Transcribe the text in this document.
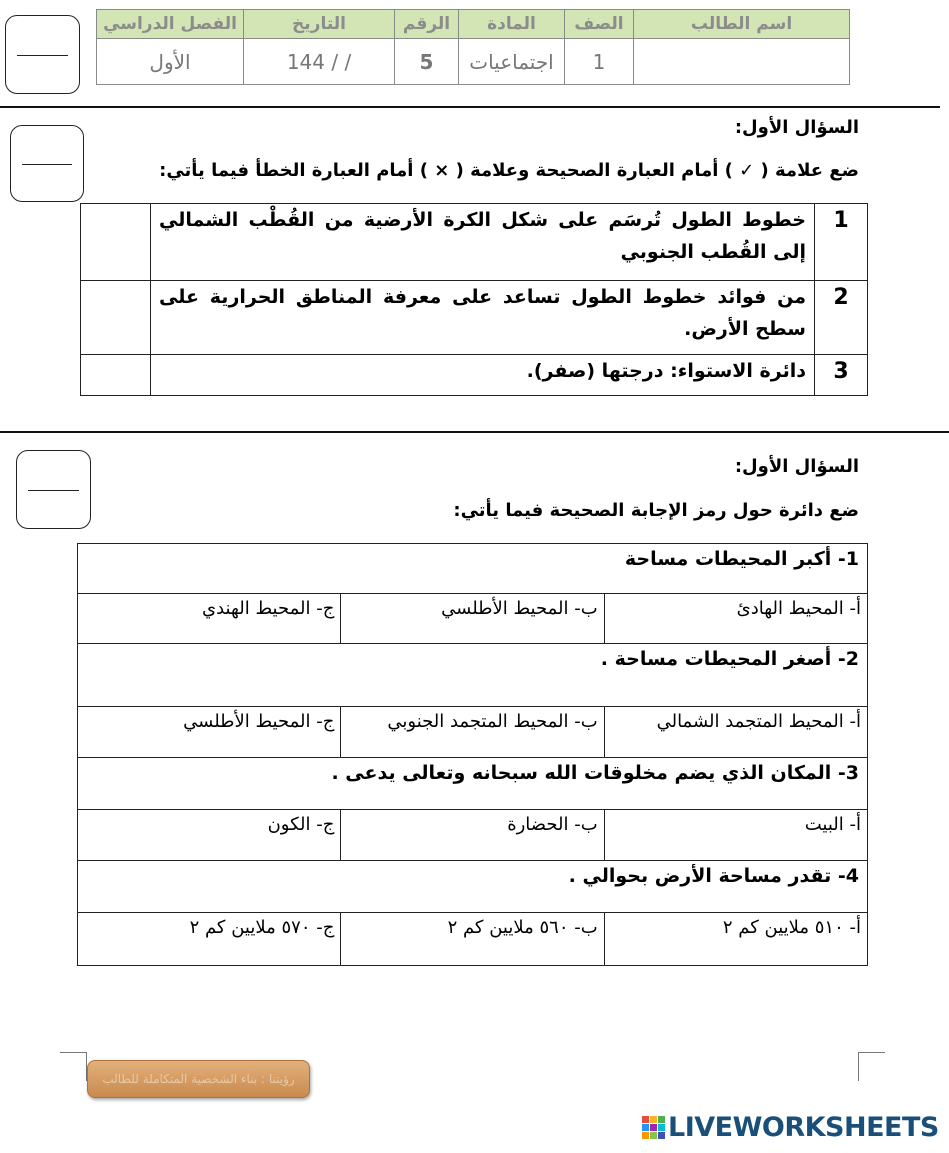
اسم الطالب	الصف	المادة	الرقم	التاريخ	الفصل الدراسي
	1	اجتماعيات	5	144 / /	الأول
السؤال الأول:
ضع علامة ( ✓ ) أمام العبارة الصحيحة وعلامة ( × ) أمام العبارة الخطأ فيما يأتي:
1	خطوط الطول تُرسَم على شكل الكرة الأرضية من القُطْب الشمالي إلى القُطب الجنوبي	
2	من فوائد خطوط الطول تساعد على معرفة المناطق الحرارية على سطح الأرض.	
3	دائرة الاستواء: درجتها (صفر).	
السؤال الأول:
ضع دائرة حول رمز الإجابة الصحيحة فيما يأتي:
1- أكبر المحيطات مساحة		
أ- المحيط الهادئ	ب- المحيط الأطلسي	ج- المحيط الهندي
2- أصغر المحيطات مساحة .		
أ- المحيط المتجمد الشمالي	ب- المحيط المتجمد الجنوبي	ج- المحيط الأطلسي
3- المكان الذي يضم مخلوقات الله سبحانه وتعالى يدعى .		
أ- البيت	ب- الحضارة	ج- الكون
4- تقدر مساحة الأرض بحوالي .		
أ- ٥١٠ ملايين كم ٢	ب- ٥٦٠ ملايين كم ٢	ج- ٥٧٠ ملايين كم ٢
رؤيتنا : بناء الشخصية المتكاملة للطالب
LIVEWORKSHEETS
